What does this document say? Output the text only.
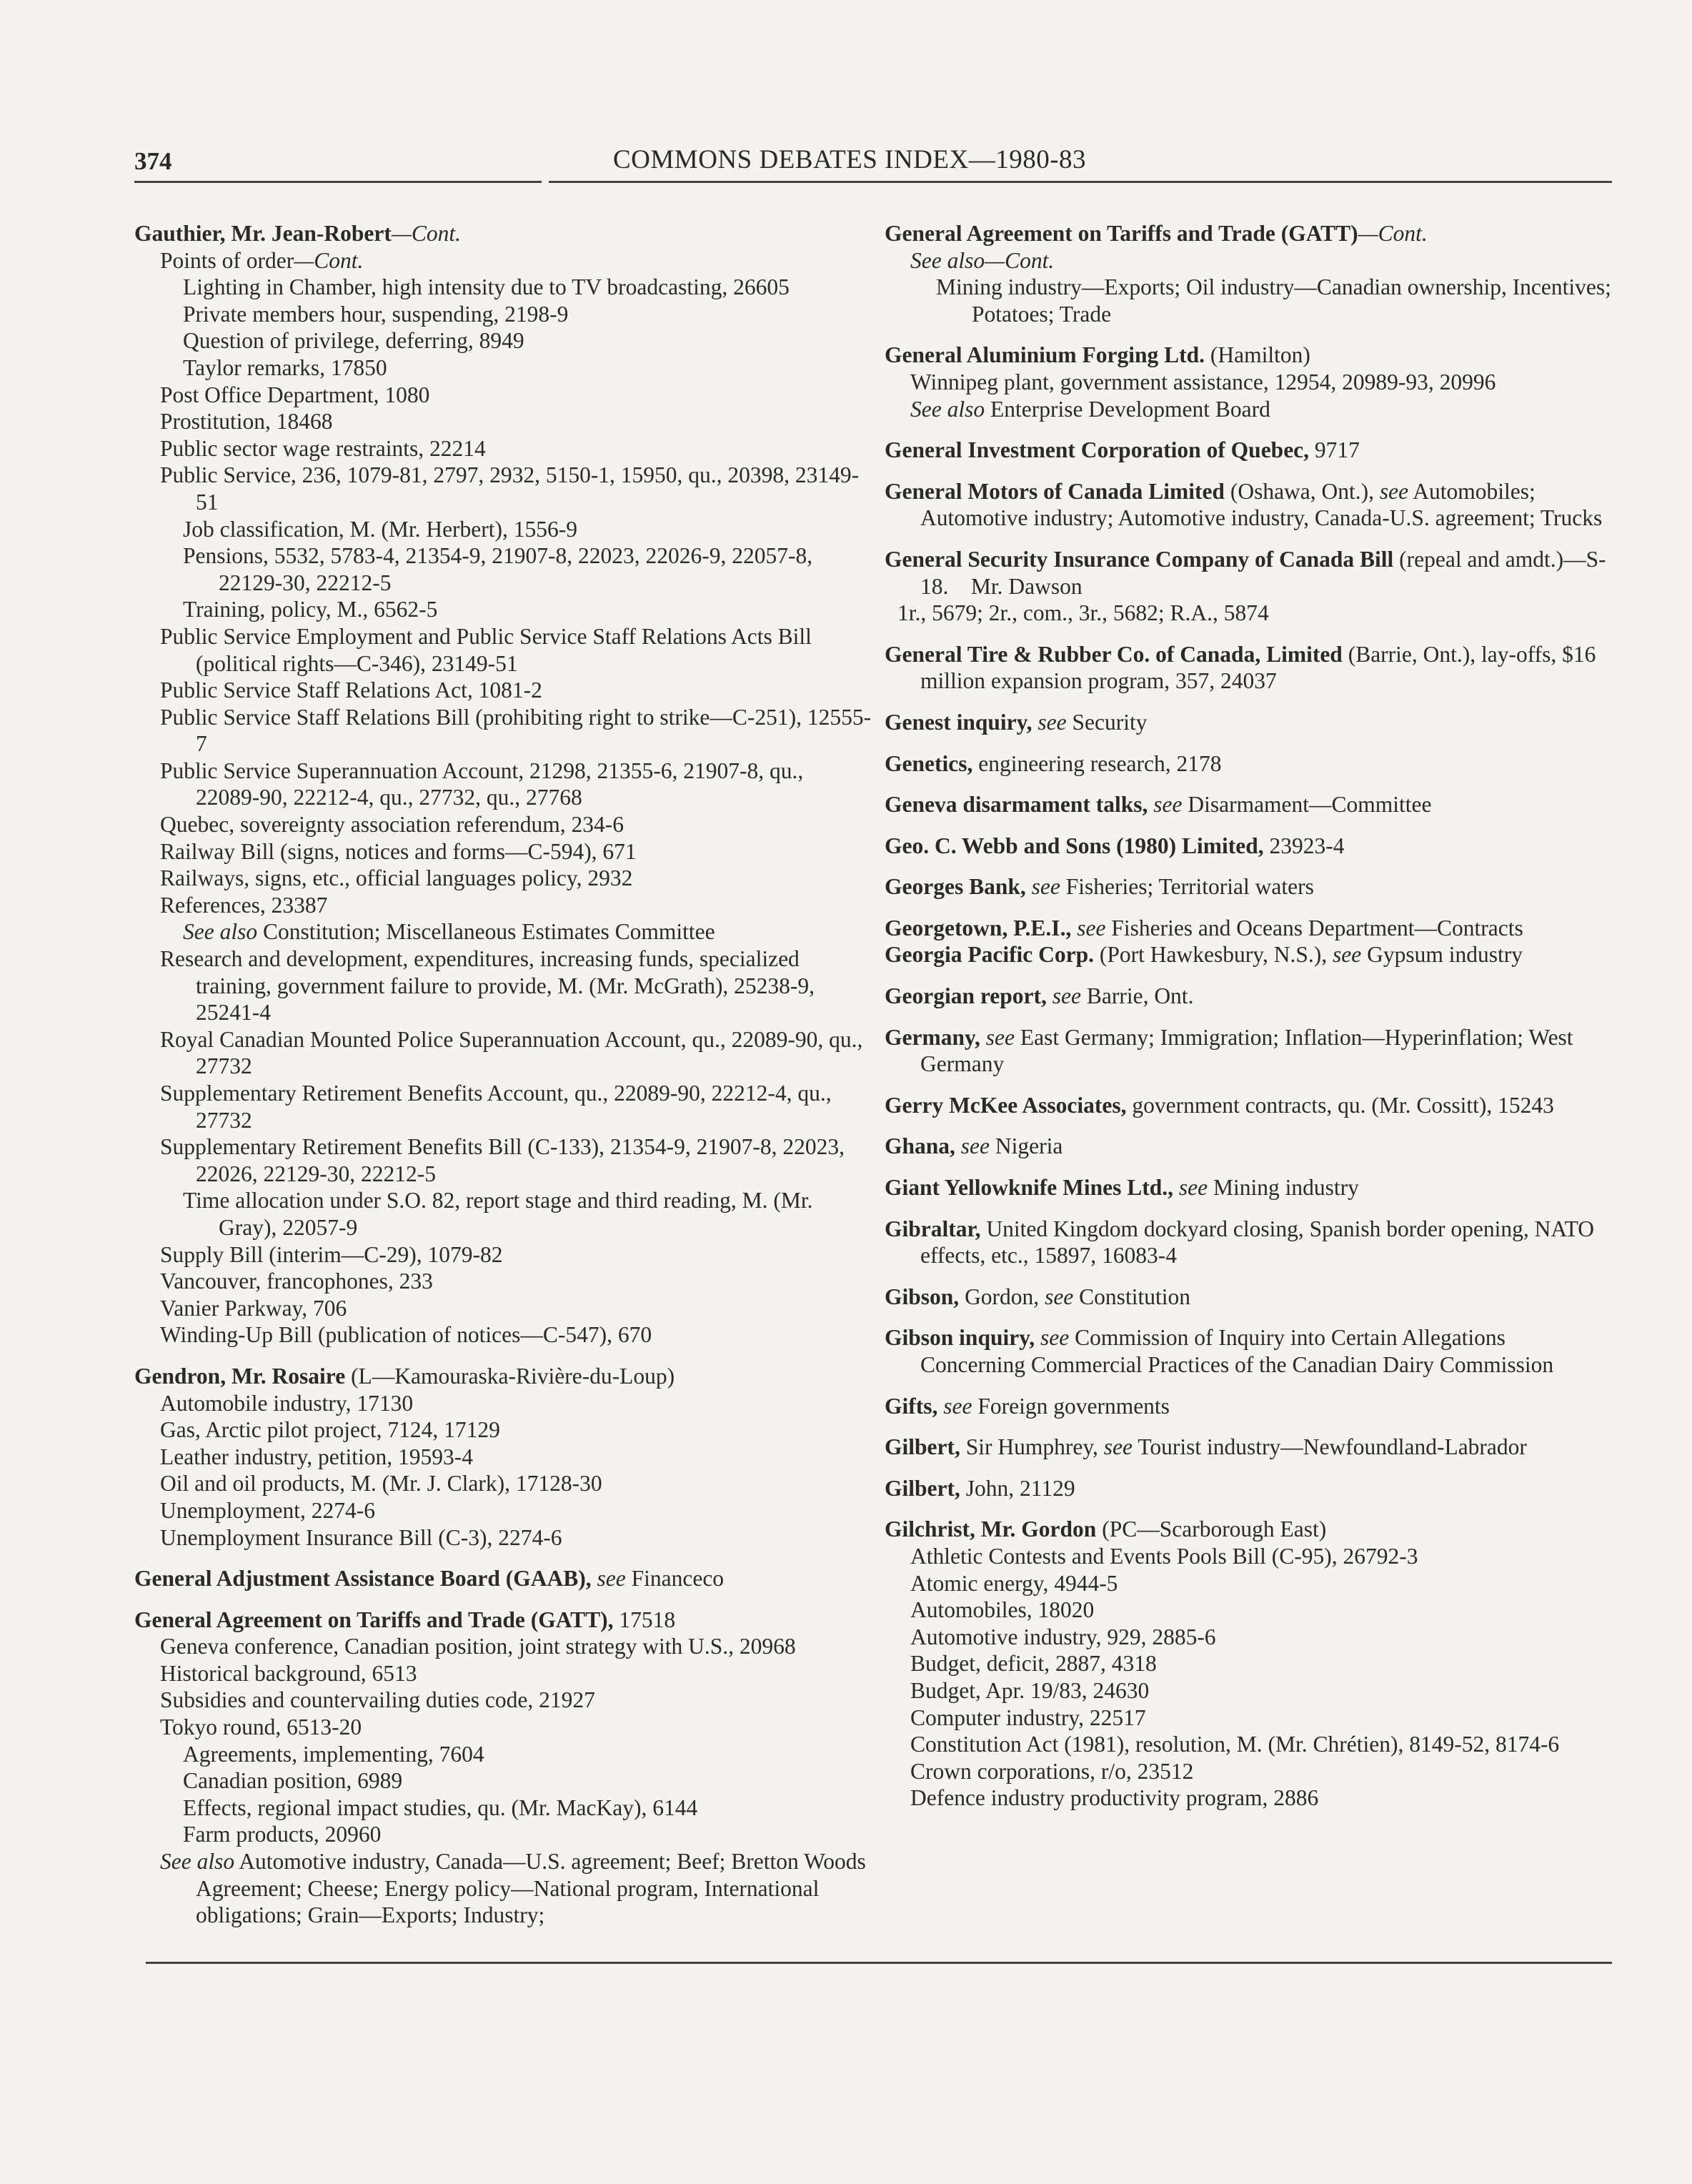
374	COMMONS DEBATES INDEX—1980-83
Gauthier, Mr. Jean-Robert—Cont.
Points of order—Cont.
Lighting in Chamber, high intensity due to TV broadcasting, 26605
Private members hour, suspending, 2198-9
Question of privilege, deferring, 8949
Taylor remarks, 17850
Post Office Department, 1080
Prostitution, 18468
Public sector wage restraints, 22214
Public Service, 236, 1079-81, 2797, 2932, 5150-1, 15950, qu., 20398, 23149-51
Job classification, M. (Mr. Herbert), 1556-9
Pensions, 5532, 5783-4, 21354-9, 21907-8, 22023, 22026-9, 22057-8, 22129-30, 22212-5
Training, policy, M., 6562-5
Public Service Employment and Public Service Staff Relations Acts Bill (political rights—C-346), 23149-51
Public Service Staff Relations Act, 1081-2
Public Service Staff Relations Bill (prohibiting right to strike—C-251), 12555-7
Public Service Superannuation Account, 21298, 21355-6, 21907-8, qu., 22089-90, 22212-4, qu., 27732, qu., 27768
Quebec, sovereignty association referendum, 234-6
Railway Bill (signs, notices and forms—C-594), 671
Railways, signs, etc., official languages policy, 2932
References, 23387
See also Constitution; Miscellaneous Estimates Committee
Research and development, expenditures, increasing funds, specialized training, government failure to provide, M. (Mr. McGrath), 25238-9, 25241-4
Royal Canadian Mounted Police Superannuation Account, qu., 22089-90, qu., 27732
Supplementary Retirement Benefits Account, qu., 22089-90, 22212-4, qu., 27732
Supplementary Retirement Benefits Bill (C-133), 21354-9, 21907-8, 22023, 22026, 22129-30, 22212-5
Time allocation under S.O. 82, report stage and third reading, M. (Mr. Gray), 22057-9
Supply Bill (interim—C-29), 1079-82
Vancouver, francophones, 233
Vanier Parkway, 706
Winding-Up Bill (publication of notices—C-547), 670
Gendron, Mr. Rosaire (L—Kamouraska-Rivière-du-Loup)
Automobile industry, 17130
Gas, Arctic pilot project, 7124, 17129
Leather industry, petition, 19593-4
Oil and oil products, M. (Mr. J. Clark), 17128-30
Unemployment, 2274-6
Unemployment Insurance Bill (C-3), 2274-6
General Adjustment Assistance Board (GAAB), see Financeco
General Agreement on Tariffs and Trade (GATT), 17518
Geneva conference, Canadian position, joint strategy with U.S., 20968
Historical background, 6513
Subsidies and countervailing duties code, 21927
Tokyo round, 6513-20
Agreements, implementing, 7604
Canadian position, 6989
Effects, regional impact studies, qu. (Mr. MacKay), 6144
Farm products, 20960
See also Automotive industry, Canada—U.S. agreement; Beef; Bretton Woods Agreement; Cheese; Energy policy—National program, International obligations; Grain—Exports; Industry;
General Agreement on Tariffs and Trade (GATT)—Cont.
See also—Cont.
Mining industry—Exports; Oil industry—Canadian ownership, Incentives; Potatoes; Trade
General Aluminium Forging Ltd. (Hamilton)
Winnipeg plant, government assistance, 12954, 20989-93, 20996
See also Enterprise Development Board
General Investment Corporation of Quebec, 9717
General Motors of Canada Limited (Oshawa, Ont.), see Automobiles; Automotive industry; Automotive industry, Canada-U.S. agreement; Trucks
General Security Insurance Company of Canada Bill (repeal and amdt.)—S-18.    Mr. Dawson
1r., 5679; 2r., com., 3r., 5682; R.A., 5874
General Tire & Rubber Co. of Canada, Limited (Barrie, Ont.), lay-offs, $16 million expansion program, 357, 24037
Genest inquiry, see Security
Genetics, engineering research, 2178
Geneva disarmament talks, see Disarmament—Committee
Geo. C. Webb and Sons (1980) Limited, 23923-4
Georges Bank, see Fisheries; Territorial waters
Georgetown, P.E.I., see Fisheries and Oceans Department—Contracts
Georgia Pacific Corp. (Port Hawkesbury, N.S.), see Gypsum industry
Georgian report, see Barrie, Ont.
Germany, see East Germany; Immigration; Inflation—Hyperinflation; West Germany
Gerry McKee Associates, government contracts, qu. (Mr. Cossitt), 15243
Ghana, see Nigeria
Giant Yellowknife Mines Ltd., see Mining industry
Gibraltar, United Kingdom dockyard closing, Spanish border opening, NATO effects, etc., 15897, 16083-4
Gibson, Gordon, see Constitution
Gibson inquiry, see Commission of Inquiry into Certain Allegations Concerning Commercial Practices of the Canadian Dairy Commission
Gifts, see Foreign governments
Gilbert, Sir Humphrey, see Tourist industry—Newfoundland-Labrador
Gilbert, John, 21129
Gilchrist, Mr. Gordon (PC—Scarborough East)
Athletic Contests and Events Pools Bill (C-95), 26792-3
Atomic energy, 4944-5
Automobiles, 18020
Automotive industry, 929, 2885-6
Budget, deficit, 2887, 4318
Budget, Apr. 19/83, 24630
Computer industry, 22517
Constitution Act (1981), resolution, M. (Mr. Chrétien), 8149-52, 8174-6
Crown corporations, r/o, 23512
Defence industry productivity program, 2886
